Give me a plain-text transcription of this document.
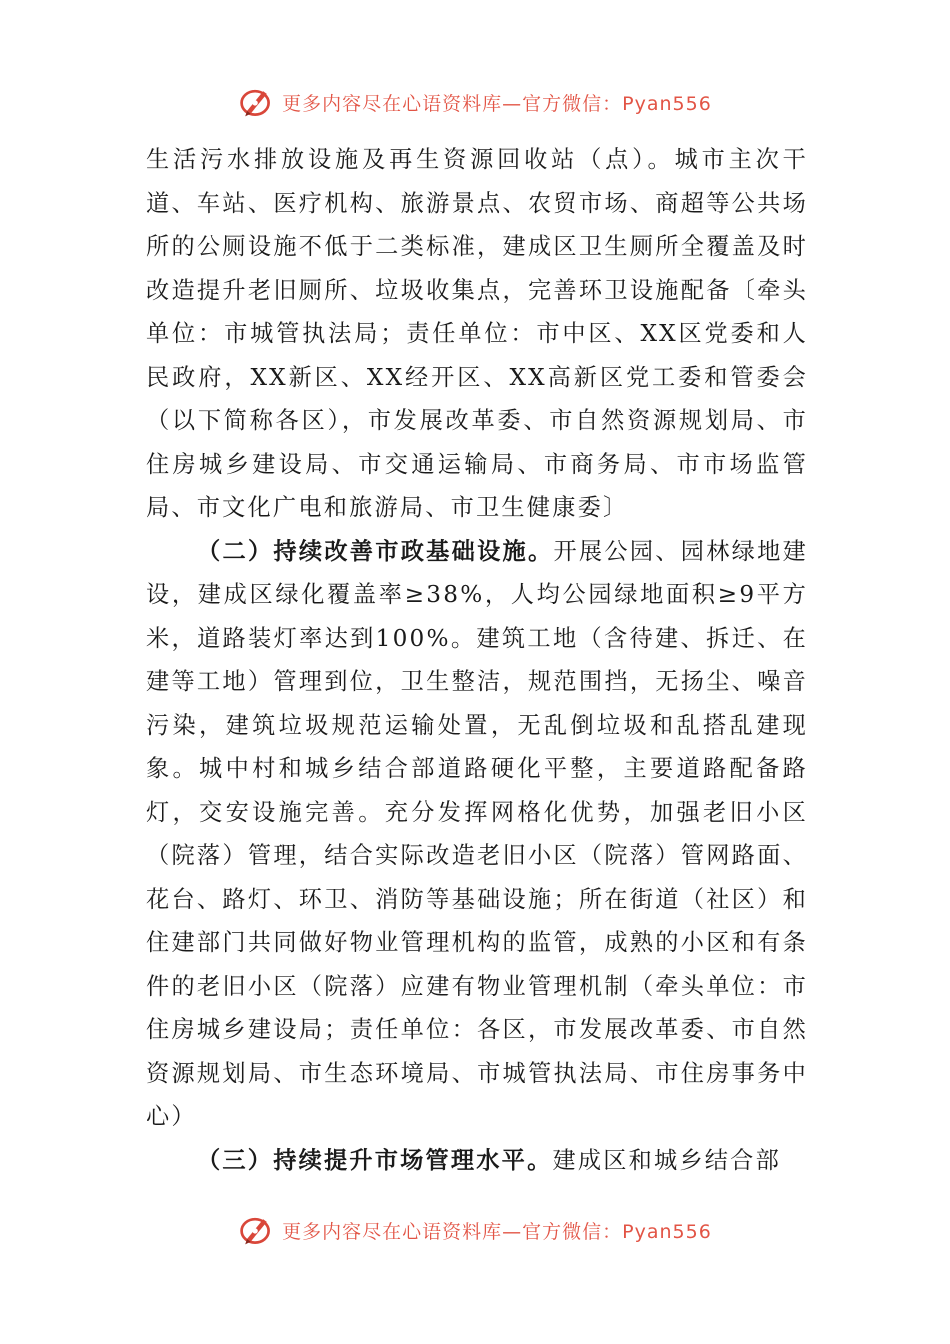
更多内容尽在心语资料库—官方微信：Pyan556

生活污水排放设施及再生资源回收站（点）。城市主次干道、车站、医疗机构、旅游景点、农贸市场、商超等公共场所的公厕设施不低于二类标准，建成区卫生厕所全覆盖及时改造提升老旧厕所、垃圾收集点，完善环卫设施配备〔牵头单位：市城管执法局；责任单位：市中区、XX区党委和人民政府，XX新区、XX经开区、XX高新区党工委和管委会（以下简称各区），市发展改革委、市自然资源规划局、市住房城乡建设局、市交通运输局、市商务局、市市场监管局、市文化广电和旅游局、市卫生健康委〕

（二）持续改善市政基础设施。开展公园、园林绿地建设，建成区绿化覆盖率≥38%，人均公园绿地面积≥9平方米，道路装灯率达到100%。建筑工地（含待建、拆迁、在建等工地）管理到位，卫生整洁，规范围挡，无扬尘、噪音污染，建筑垃圾规范运输处置，无乱倒垃圾和乱搭乱建现象。城中村和城乡结合部道路硬化平整，主要道路配备路灯，交安设施完善。充分发挥网格化优势，加强老旧小区（院落）管理，结合实际改造老旧小区（院落）管网路面、花台、路灯、环卫、消防等基础设施；所在街道（社区）和住建部门共同做好物业管理机构的监管，成熟的小区和有条件的老旧小区（院落）应建有物业管理机制（牵头单位：市住房城乡建设局；责任单位：各区，市发展改革委、市自然资源规划局、市生态环境局、市城管执法局、市住房事务中心）

（三）持续提升市场管理水平。建成区和城乡结合部

更多内容尽在心语资料库—官方微信：Pyan556
